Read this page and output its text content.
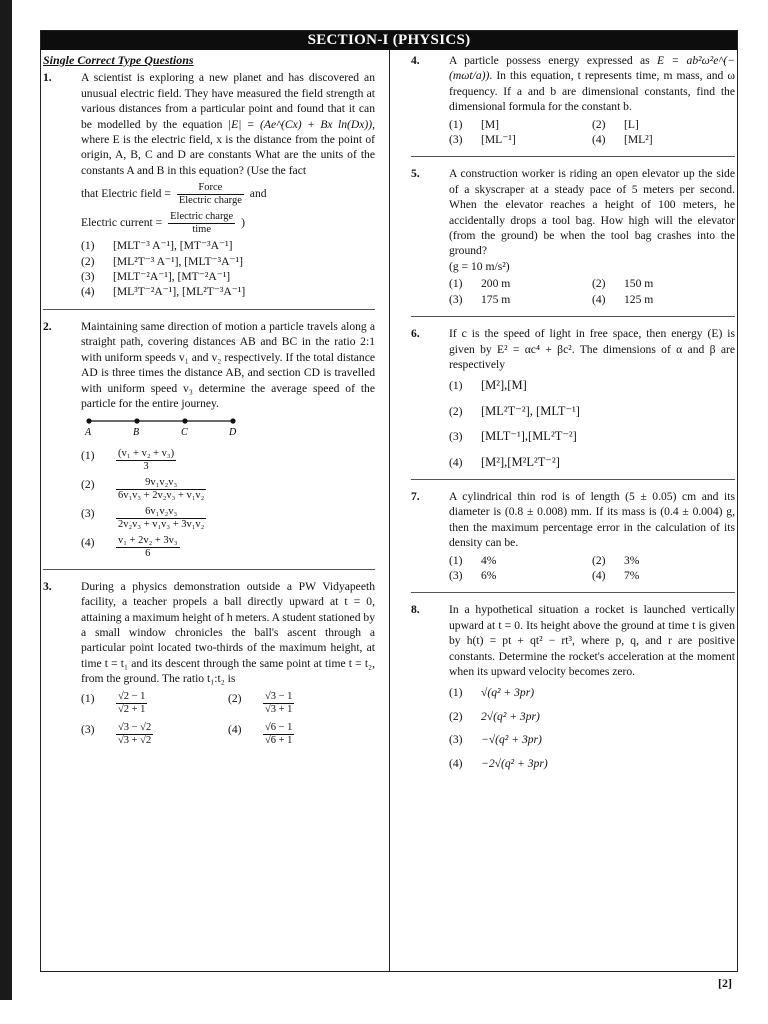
SECTION-I (PHYSICS)
Single Correct Type Questions
1.	A scientist is exploring a new planet and has discovered an unusual electric field. They have measured the field strength at various distances from a particular point and found that it can be modelled by the equation |E| = (Ae^(Cx) + Bx ln(Dx)), where E is the electric field, x is the distance from the point of origin, A, B, C and D are constants What are the units of the constants A and B in this equation? (Use the fact
that Electric field = $\frac{\text{Force}}{\text{Electric charge}}$ and
Electric current = $\frac{\text{Electric charge}}{\text{time}}$ )
(1)	[MLT⁻³ A⁻¹], [MT⁻³A⁻¹]
(2)	[ML²T⁻³ A⁻¹], [MLT⁻³A⁻¹]
(3)	[MLT⁻²A⁻¹], [MT⁻²A⁻¹]
(4)	[ML³T⁻²A⁻¹], [ML²T⁻³A⁻¹]
2.	Maintaining same direction of motion a particle travels along a straight path, covering distances AB and BC in the ratio 2:1 with uniform speeds v₁ and v₂ respectively. If the total distance AD is three times the distance AB, and section CD is travelled with uniform speed v₃ determine the average speed of the particle for the entire journey.
A	B	C	D
(1)	$\frac{\text{(v₁ + v₂ + v₃)}}{3}$
(2)	$\frac{\text{9v₁v₂v₃}}{\text{6v₁v₃ + 2v₂v₃ + v₁v₂}}$
(3)	$\frac{\text{6v₁v₂v₃}}{\text{2v₂v₃ + v₁v₃ + 3v₁v₂}}$
(4)	$\frac{\text{v₁ + 2v₂ + 3v₃}}{6}$
3.	During a physics demonstration outside a PW Vidyapeeth facility, a teacher propels a ball directly upward at t = 0, attaining a maximum height of h meters. A student stationed by a small window chronicles the ball's ascent through a particular point located two-thirds of the maximum height, at time t = t₁ and its descent through the same point at time t = t₂, from the ground. The ratio t₁:t₂ is
(1)	$\frac{√2 - 1}{√2 + 1}$	(2)	$\frac{√3 - 1}{√3 + 1}$
(3)	$\frac{√3 - √2}{√3 + √2}$	(4)	$\frac{√6 - 1}{√6 + 1}$
4.	A particle possess energy expressed as E = ab²ω²e^(−(mωt/a)). In this equation, t represents time, m mass, and ω frequency. If a and b are dimensional constants, find the dimensional formula for the constant b.
(1)	[M]	(2)	[L]
(3)	[ML⁻¹]	(4)	[ML²]
5.	A construction worker is riding an open elevator up the side of a skyscraper at a steady pace of 5 meters per second. When the elevator reaches a height of 100 meters, he accidentally drops a tool bag. How high will the elevator (from the ground) be when the tool bag crashes into the ground?
(g = 10 m/s²)
(1)	200 m	(2)	150 m
(3)	175 m	(4)	125 m
6.	If c is the speed of light in free space, then energy (E) is given by E² = αc⁴ + βc². The dimensions of α and β are respectively
(1)	[M²],[M]
(2)	[ML²T⁻²], [MLT⁻¹]
(3)	[MLT⁻¹],[ML²T⁻²]
(4)	[M²],[M²L²T⁻²]
7.	A cylindrical thin rod is of length (5 ± 0.05) cm and its diameter is (0.8 ± 0.008) mm. If its mass is (0.4 ± 0.004) g, then the maximum percentage error in the calculation of its density can be.
(1)	4%	(2)	3%
(3)	6%	(4)	7%
8.	In a hypothetical situation a rocket is launched vertically upward at t = 0. Its height above the ground at time t is given by h(t) = pt + qt² − rt³, where p, q, and r are positive constants. Determine the rocket's acceleration at the moment when its upward velocity becomes zero.
(1)	√(q² + 3pr)
(2)	2√(q² + 3pr)
(3)	−√(q² + 3pr)
(4)	−2√(q² + 3pr)
[2]
